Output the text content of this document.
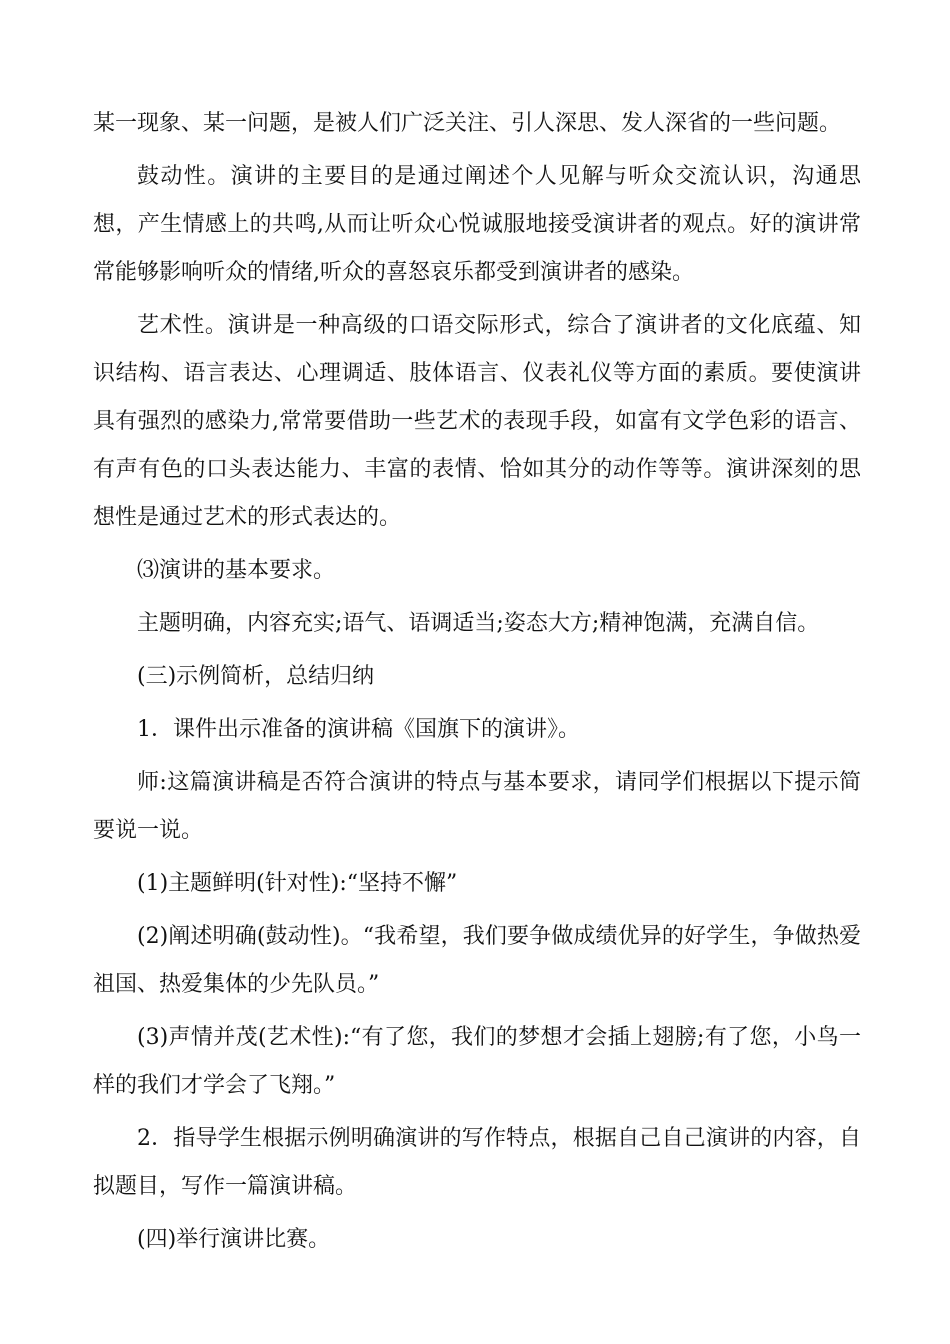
某一现象、某一问题，是被人们广泛关注、引人深思、发人深省的一些问题。

鼓动性。演讲的主要目的是通过阐述个人见解与听众交流认识，沟通思想，产生情感上的共鸣,从而让听众心悦诚服地接受演讲者的观点。好的演讲常常能够影响听众的情绪,听众的喜怒哀乐都受到演讲者的感染。

艺术性。演讲是一种高级的口语交际形式，综合了演讲者的文化底蕴、知识结构、语言表达、心理调适、肢体语言、仪表礼仪等方面的素质。要使演讲具有强烈的感染力,常常要借助一些艺术的表现手段，如富有文学色彩的语言、有声有色的口头表达能力、丰富的表情、恰如其分的动作等等。演讲深刻的思想性是通过艺术的形式表达的。

⑶演讲的基本要求。

主题明确，内容充实;语气、语调适当;姿态大方;精神饱满，充满自信。

(三)示例简析，总结归纳

1．课件出示准备的演讲稿《国旗下的演讲》。

师:这篇演讲稿是否符合演讲的特点与基本要求，请同学们根据以下提示简要说一说。

(1)主题鲜明(针对性):“坚持不懈”

(2)阐述明确(鼓动性)。“我希望，我们要争做成绩优异的好学生，争做热爱祖国、热爱集体的少先队员。”

(3)声情并茂(艺术性):“有了您，我们的梦想才会插上翅膀;有了您，小鸟一样的我们才学会了飞翔。”

2．指导学生根据示例明确演讲的写作特点，根据自己自己演讲的内容，自拟题目，写作一篇演讲稿。

(四)举行演讲比赛。
